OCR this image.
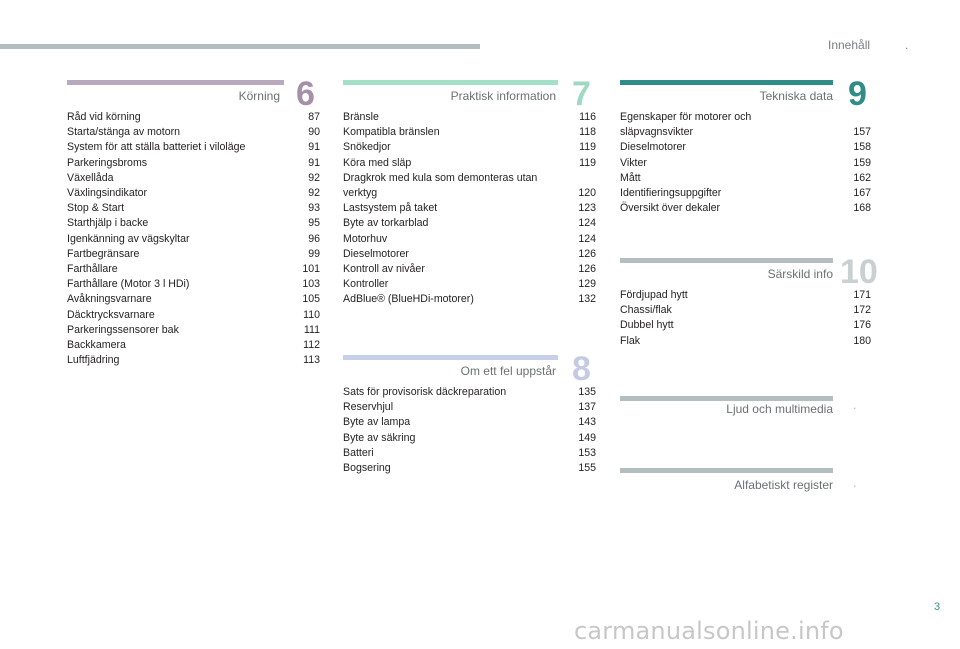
Innehåll	.
Körning 6
Råd vid körning	87
Starta/stänga av motorn	90
System för att ställa batteriet i viloläge	91
Parkeringsbroms	91
Växellåda	92
Växlingsindikator	92
Stop & Start	93
Starthjälp i backe	95
Igenkänning av vägskyltar	96
Fartbegränsare	99
Farthållare	101
Farthållare (Motor 3 l HDi)	103
Avåkningsvarnare	105
Däcktrycksvarnare	110
Parkeringssensorer bak	111
Backkamera	112
Luftfjädring	113
Praktisk information 7
Bränsle	116
Kompatibla bränslen	118
Snökedjor	119
Köra med släp	119
Dragkrok med kula som demonteras utan verktyg	120
Lastsystem på taket	123
Byte av torkarblad	124
Motorhuv	124
Dieselmotorer	126
Kontroll av nivåer	126
Kontroller	129
AdBlue® (BlueHDi-motorer)	132
Om ett fel uppstår 8
Sats för provisorisk däckreparation	135
Reservhjul	137
Byte av lampa	143
Byte av säkring	149
Batteri	153
Bogsering	155
Tekniska data 9
Egenskaper för motorer och släpvagnsvikter	157
Dieselmotorer	158
Vikter	159
Mått	162
Identifieringsuppgifter	167
Översikt över dekaler	168
Särskild info 10
Fördjupad hytt	171
Chassi/flak	172
Dubbel hytt	176
Flak	180
Ljud och multimedia .
Alfabetiskt register .
3
carmanualsonline.info
